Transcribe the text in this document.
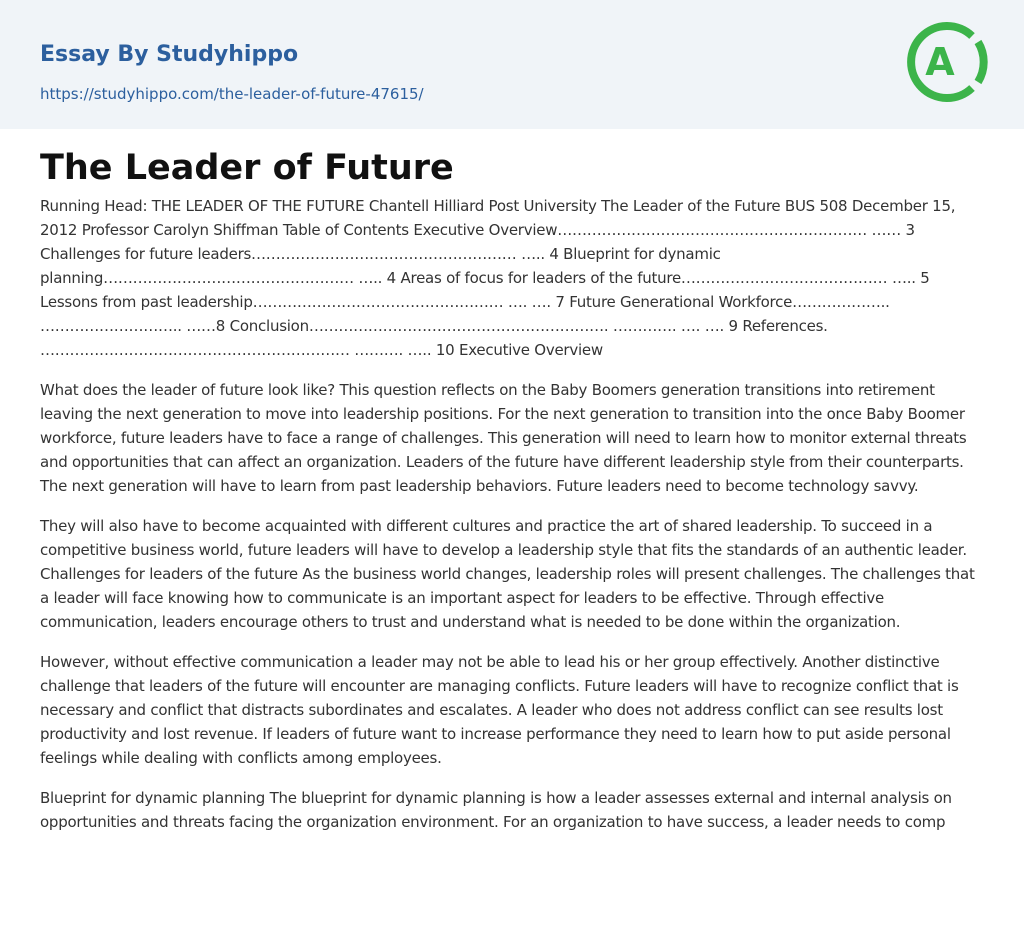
Essay By Studyhippo
https://studyhippo.com/the-leader-of-future-47615/
A
The Leader of Future

Running Head: THE LEADER OF THE FUTURE Chantell Hilliard Post University The Leader of the Future BUS 508 December 15, 2012 Professor Carolyn Shiffman Table of Contents Executive Overview……………………………………………………… …… 3 Challenges for future leaders……………………………………………… ….. 4 Blueprint for dynamic planning…………………………………………… ….. 4 Areas of focus for leaders of the future…………………………………… ….. 5 Lessons from past leadership…………………………………………… …. …. 7 Future Generational Workforce……………….. ……………………….. ……8 Conclusion……………………………………………………. …………. …. …. 9 References. ……………………………………………………… ………. ….. 10 Executive Overview

What does the leader of future look like? This question reflects on the Baby Boomers generation transitions into retirement leaving the next generation to move into leadership positions. For the next generation to transition into the once Baby Boomer workforce, future leaders have to face a range of challenges. This generation will need to learn how to monitor external threats and opportunities that can affect an organization. Leaders of the future have different leadership style from their counterparts. The next generation will have to learn from past leadership behaviors. Future leaders need to become technology savvy.

They will also have to become acquainted with different cultures and practice the art of shared leadership. To succeed in a competitive business world, future leaders will have to develop a leadership style that fits the standards of an authentic leader. Challenges for leaders of the future As the business world changes, leadership roles will present challenges. The challenges that a leader will face knowing how to communicate is an important aspect for leaders to be effective. Through effective communication, leaders encourage others to trust and understand what is needed to be done within the organization.

However, without effective communication a leader may not be able to lead his or her group effectively. Another distinctive challenge that leaders of the future will encounter are managing conflicts. Future leaders will have to recognize conflict that is necessary and conflict that distracts subordinates and escalates. A leader who does not address conflict can see results lost productivity and lost revenue. If leaders of future want to increase performance they need to learn how to put aside personal feelings while dealing with conflicts among employees.

Blueprint for dynamic planning The blueprint for dynamic planning is how a leader assesses external and internal analysis on opportunities and threats facing the organization environment. For an organization to have success, a leader needs to comp
